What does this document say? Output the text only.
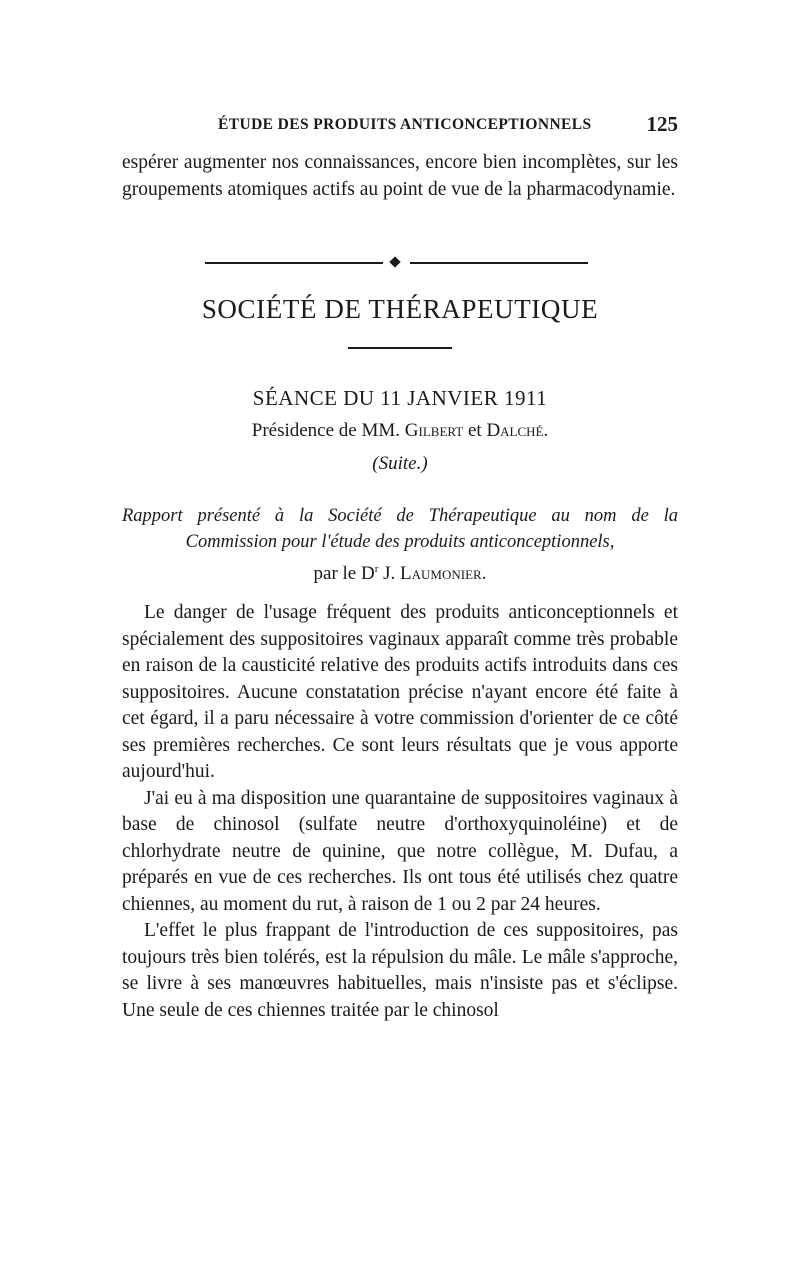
ÉTUDE DES PRODUITS ANTICONCEPTIONNELS	125
espérer augmenter nos connaissances, encore bien incomplètes, sur les groupements atomiques actifs au point de vue de la pharmacodynamie.
SOCIÉTÉ DE THÉRAPEUTIQUE
SÉANCE DU 11 JANVIER 1911
Présidence de MM. Gilbert et Dalché.
(Suite.)
Rapport présenté à la Société de Thérapeutique au nom de la
Commission pour l'étude des produits anticonceptionnels,
par le $D^r$ J. Laumonier.

Le danger de l'usage fréquent des produits anticonceptionnels et spécialement des suppositoires vaginaux apparaît comme très probable en raison de la causticité relative des produits actifs introduits dans ces suppositoires. Aucune constatation précise n'ayant encore été faite à cet égard, il a paru nécessaire à votre commission d'orienter de ce côté ses premières recherches. Ce sont leurs résultats que je vous apporte aujourd'hui.

J'ai eu à ma disposition une quarantaine de suppositoires vaginaux à base de chinosol (sulfate neutre d'orthoxyquinoléine) et de chlorhydrate neutre de quinine, que notre collègue, M. Dufau, a préparés en vue de ces recherches. Ils ont tous été utilisés chez quatre chiennes, au moment du rut, à raison de 1 ou 2 par 24 heures.

L'effet le plus frappant de l'introduction de ces suppositoires, pas toujours très bien tolérés, est la répulsion du mâle. Le mâle s'approche, se livre à ses manœuvres habituelles, mais n'insiste pas et s'éclipse. Une seule de ces chiennes traitée par le chinosol
